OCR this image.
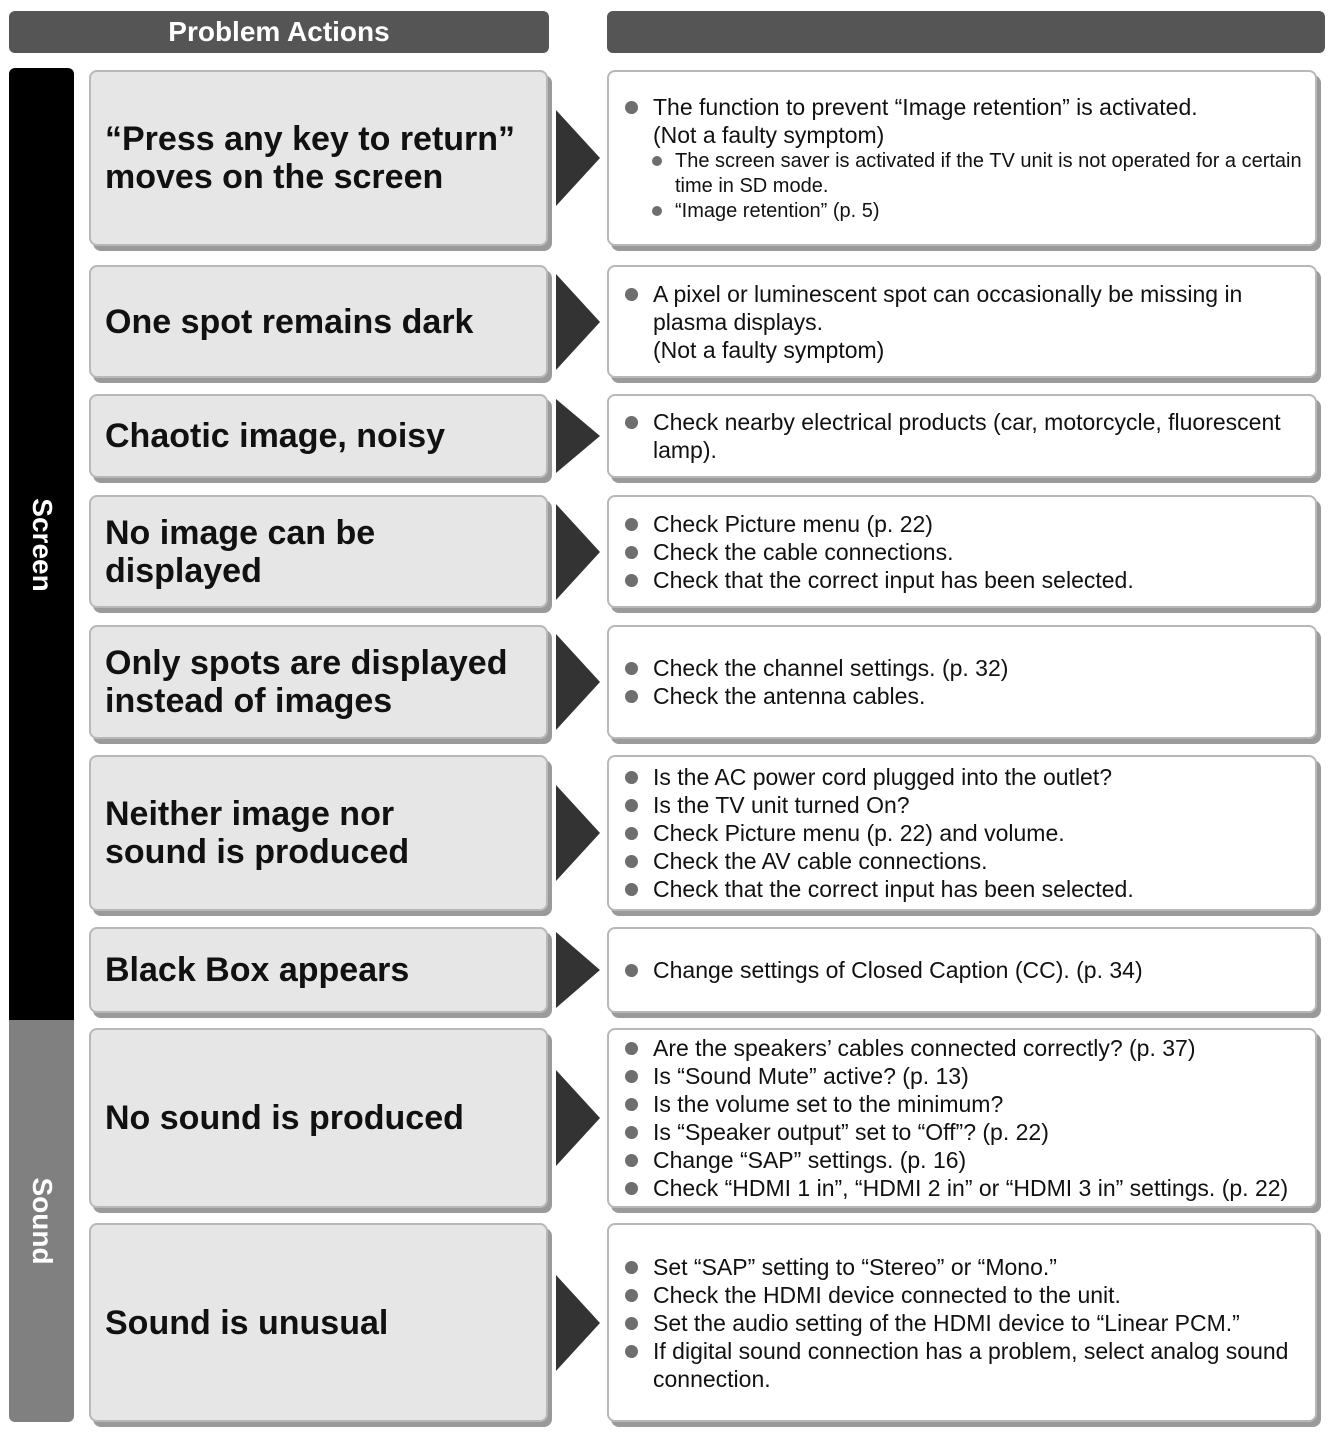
Problem Actions
Screen
Sound
“Press any key to return”
moves on the screen
The function to prevent “Image retention” is activated.
(Not a faulty symptom)
The screen saver is activated if the TV unit is not operated for a certain time in SD mode.
“Image retention” (p. 5)
One spot remains dark
A pixel or luminescent spot can occasionally be missing in plasma displays.
(Not a faulty symptom)
Chaotic image, noisy	Check nearby electrical products (car, motorcycle, fluorescent lamp).
No image can be
displayed
Check Picture menu (p. 22)
Check the cable connections.
Check that the correct input has been selected.
Only spots are displayed
instead of images
Check the channel settings. (p. 32)
Check the antenna cables.
Neither image nor
sound is produced
Is the AC power cord plugged into the outlet?
Is the TV unit turned On?
Check Picture menu (p. 22) and volume.
Check the AV cable connections.
Check that the correct input has been selected.
Black Box appears	Change settings of Closed Caption (CC). (p. 34)
No sound is produced
Are the speakers’ cables connected correctly? (p. 37)
Is “Sound Mute” active? (p. 13)
Is the volume set to the minimum?
Is “Speaker output” set to “Off”? (p. 22)
Change “SAP” settings. (p. 16)
Check “HDMI 1 in”, “HDMI 2 in” or “HDMI 3 in” settings. (p. 22)
Sound is unusual
Set “SAP” setting to “Stereo” or “Mono.”
Check the HDMI device connected to the unit.
Set the audio setting of the HDMI device to “Linear PCM.”
If digital sound connection has a problem, select analog sound connection.
